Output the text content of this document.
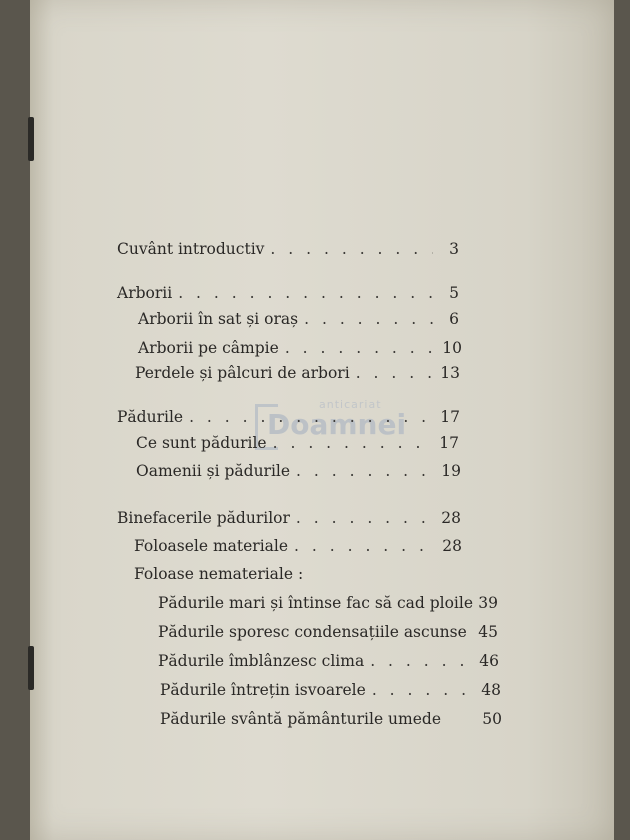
anticariat
Doamnei
Cuvânt introductiv . . .	3
Arborii . . .	5
Arborii în sat și oraș . . .	6
Arborii pe câmpie . . .	10
Perdele și pâlcuri de arbori . . .	13
Pădurile . . .	17
Ce sunt pădurile . . .	17
Oamenii și pădurile . . .	19
Binefacerile pădurilor . . .	28
Foloasele materiale . . .	28
Foloase nemateriale :
Pădurile mari și întinse fac să cad ploile 39
Pădurile sporesc condensațiile ascunse 45
Pădurile îmblânzesc clima . . .	46
Pădurile întrețin isvoarele . . .	48
Pădurile svântă pământurile umede	50
